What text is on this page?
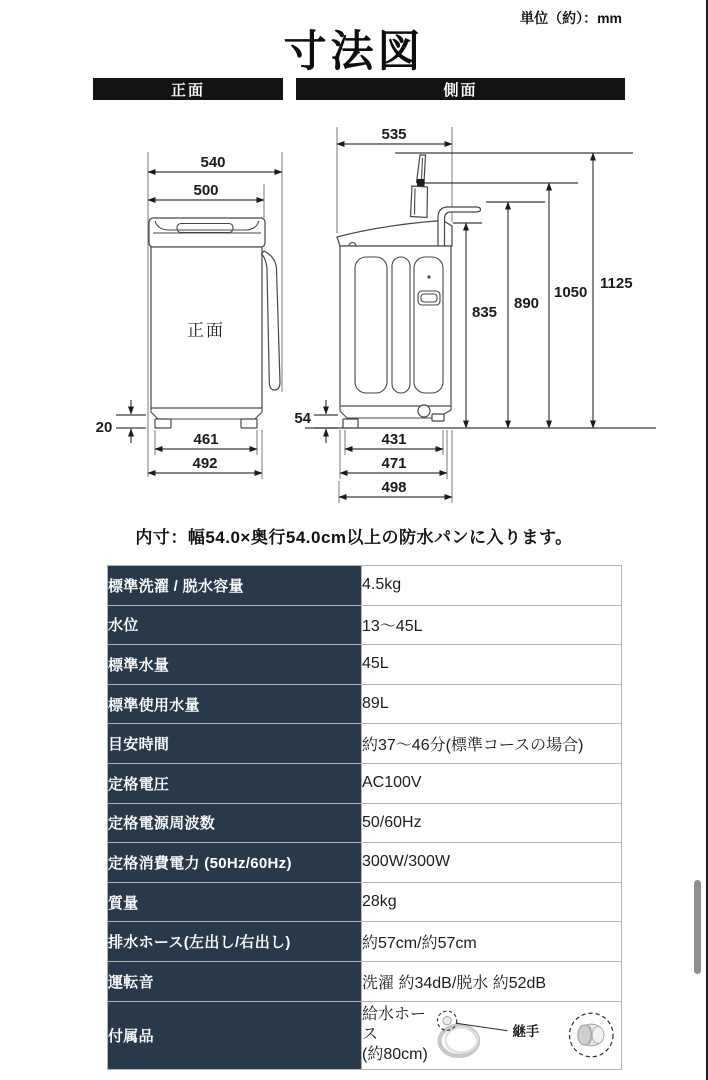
単位（約）：mm
寸法図
正面	側面
540
500
20
461
492
正面
535
835
890
1050
1125
54
431
471
498
内寸：幅54.0×奥行54.0cm以上の防水パンに入ります。
標準洗濯 / 脱水容量	4.5kg
水位	13～45L
標準水量	45L
標準使用水量	89L
目安時間	約37～46分(標準コースの場合)
定格電圧	AC100V
定格電源周波数	50/60Hz
定格消費電力 (50Hz/60Hz)	300W/300W
質量	28kg
排水ホース(左出し/右出し)	約57cm/約57cm
運転音	洗濯 約34dB/脱水 約52dB
付属品	給水ホース
(約80cm)
継手
